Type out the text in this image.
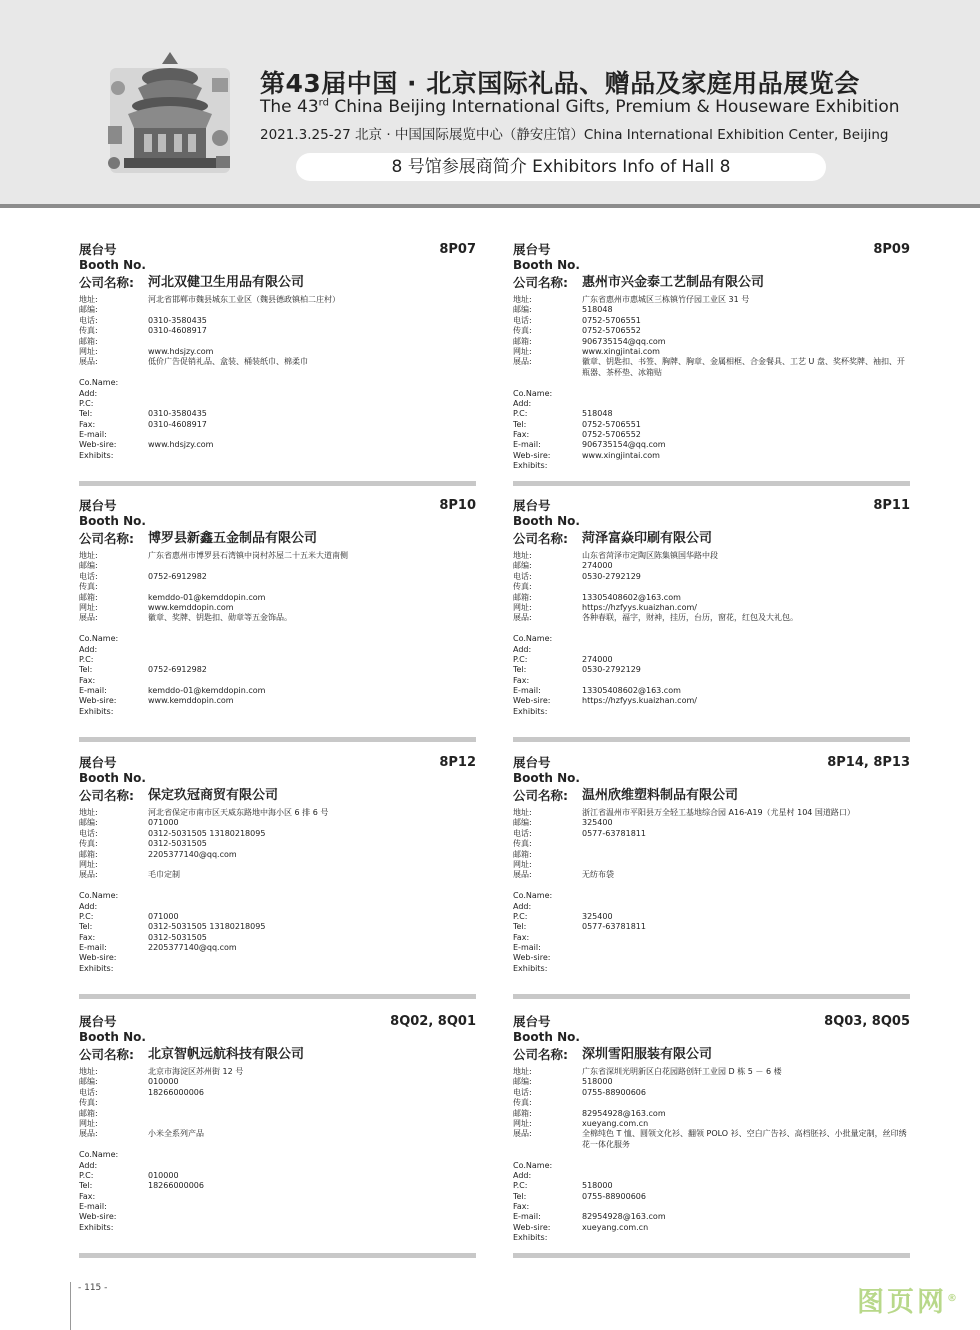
第43届中国 · 北京国际礼品、赠品及家庭用品展览会
The 43rd China Beijing International Gifts, Premium & Houseware Exhibition
2021.3.25-27 北京 · 中国国际展览中心（静安庄馆）China International Exhibition Center, Beijing
8 号馆参展商简介 Exhibitors Info of Hall 8
展台号
Booth No.
8P07
公司名称: 河北双健卫生用品有限公司
地址:	河北省邯郸市魏县城东工业区（魏县德政镇柏二庄村）
邮编:
电话:	0310-3580435
传真:	0310-4608917
邮箱:
网址:	www.hdsjzy.com
展品:	低价广告促销礼品、盒装、桶装纸巾、棉柔巾
Co.Name:
Add:
P.C:
Tel:	0310-3580435
Fax:	0310-4608917
E-mail:
Web-sire:	www.hdsjzy.com
Exhibits:
展台号
Booth No.
8P09
公司名称: 惠州市兴金泰工艺制品有限公司
地址:	广东省惠州市惠城区三栋镇竹仔园工业区 31 号
邮编:	518048
电话:	0752-5706551
传真:	0752-5706552
邮箱:	906735154@qq.com
网址:	www.xingjintai.com
展品:	徽章、钥匙扣、书签、胸牌、胸章、金属相框、合金餐具、工艺 U 盘、奖杯奖牌、袖扣、开瓶器、茶杯垫、冰箱贴
Co.Name:
Add:
P.C:	518048
Tel:	0752-5706551
Fax:	0752-5706552
E-mail:	906735154@qq.com
Web-sire:	www.xingjintai.com
Exhibits:
展台号
Booth No.
8P10
公司名称: 博罗县新鑫五金制品有限公司
地址:	广东省惠州市博罗县石湾镇中岗村苏屋二十五米大道南侧
邮编:
电话:	0752-6912982
传真:
邮箱:	kemddo-01@kemddopin.com
网址:	www.kemddopin.com
展品:	徽章、奖牌、钥匙扣、勋章等五金饰品。
Co.Name:
Add:
P.C:
Tel:	0752-6912982
Fax:
E-mail:	kemddo-01@kemddopin.com
Web-sire:	www.kemddopin.com
Exhibits:
展台号
Booth No.
8P11
公司名称: 菏泽富焱印刷有限公司
地址:	山东省菏泽市定陶区陈集镇国华路中段
邮编:	274000
电话:	0530-2792129
传真:
邮箱:	13305408602@163.com
网址:	https://hzfyys.kuaizhan.com/
展品:	各种春联，福字，财神，挂历，台历，窗花，红包及大礼包。
Co.Name:
Add:
P.C:	274000
Tel:	0530-2792129
Fax:
E-mail:	13305408602@163.com
Web-sire:	https://hzfyys.kuaizhan.com/
Exhibits:
展台号
Booth No.
8P12
公司名称: 保定玖冠商贸有限公司
地址:	河北省保定市南市区天威东路地中海小区 6 排 6 号
邮编:	071000
电话:	0312-5031505 13180218095
传真:	0312-5031505
邮箱:	2205377140@qq.com
网址:
展品:	毛巾定制
Co.Name:
Add:
P.C:	071000
Tel:	0312-5031505 13180218095
Fax:	0312-5031505
E-mail:	2205377140@qq.com
Web-sire:
Exhibits:
展台号
Booth No.
8P14, 8P13
公司名称: 温州欣维塑料制品有限公司
地址:	浙江省温州市平阳县万全轻工基地综合园 A16-A19（尤星村 104 国道路口）
邮编:	325400
电话:	0577-63781811
传真:
邮箱:
网址:
展品:	无纺布袋
Co.Name:
Add:
P.C:	325400
Tel:	0577-63781811
Fax:
E-mail:
Web-sire:
Exhibits:
展台号
Booth No.
8Q02, 8Q01
公司名称: 北京智帆远航科技有限公司
地址:	北京市海淀区苏州街 12 号
邮编:	010000
电话:	18266000006
传真:
邮箱:
网址:
展品:	小米全系列产品
Co.Name:
Add:
P.C:	010000
Tel:	18266000006
Fax:
E-mail:
Web-sire:
Exhibits:
展台号
Booth No.
8Q03, 8Q05
公司名称: 深圳雪阳服装有限公司
地址:	广东省深圳光明新区白花园路创轩工业园 D 栋 5 － 6 楼
邮编:	518000
电话:	0755-88900606
传真:
邮箱:	82954928@163.com
网址:	xueyang.com.cn
展品:	全棉纯色 T 恤、圆领文化衫、翻领 POLO 衫、空白广告衫、高档胚衫、小批量定制，丝印绣花一体化服务
Co.Name:
Add:
P.C:	518000
Tel:	0755-88900606
Fax:
E-mail:	82954928@163.com
Web-sire:	xueyang.com.cn
Exhibits:
- 115 -	图页网®
